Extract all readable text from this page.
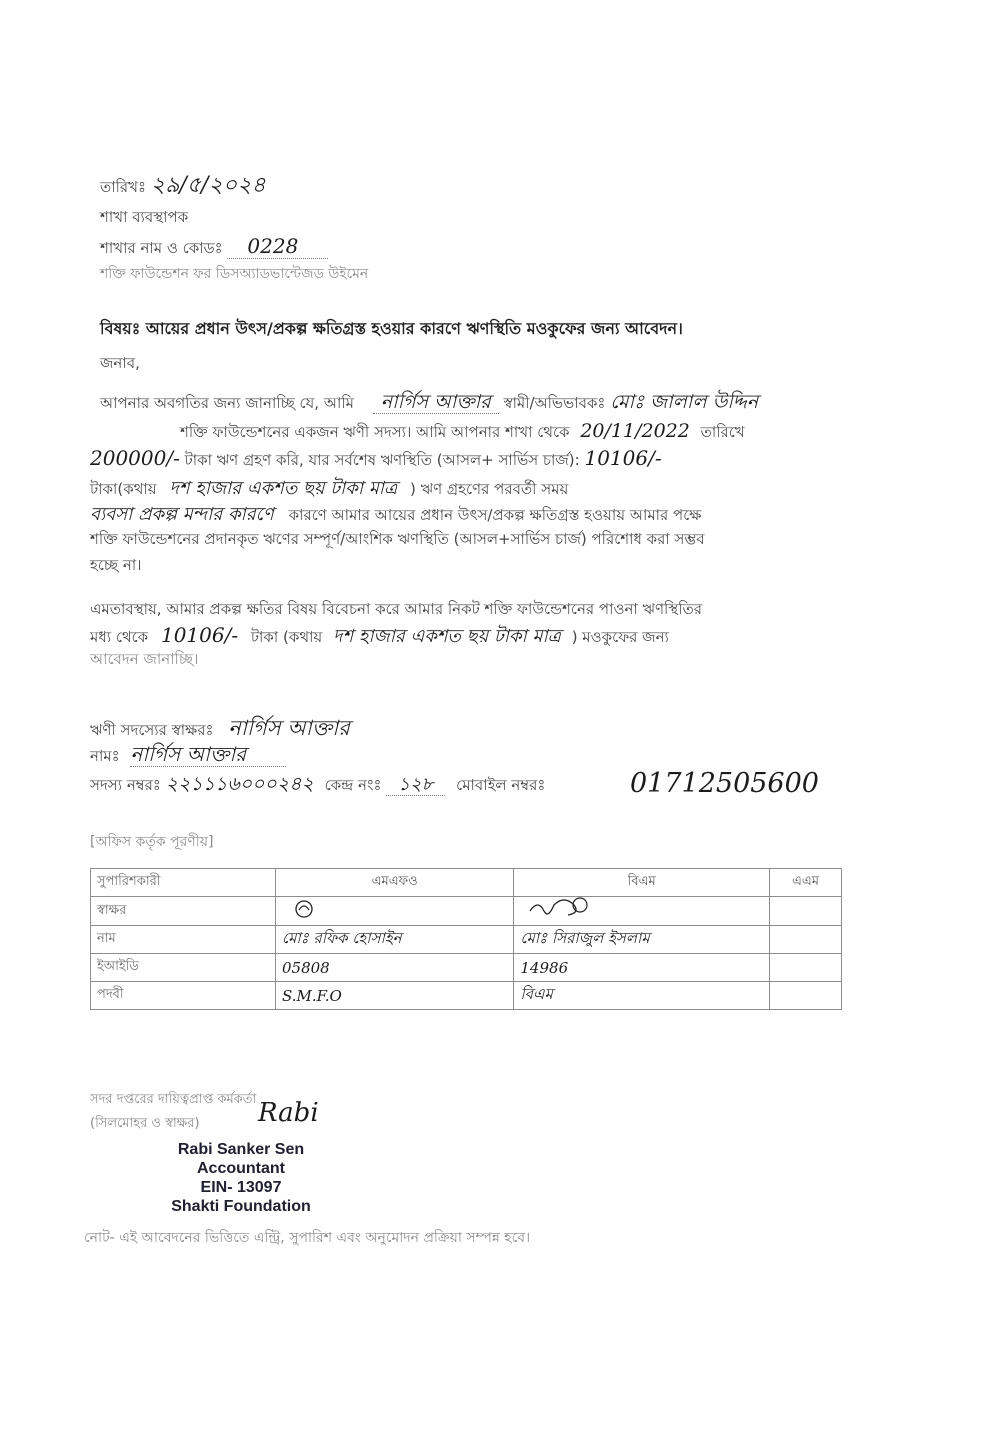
তারিখঃ ২৯/৫/২০২৪
শাখা ব্যবস্থাপক
শাখার নাম ও কোডঃ 0228
শক্তি ফাউন্ডেশন ফর ডিসঅ্যাডভান্টেজড উইমেন
বিষয়ঃ আয়ের প্রধান উৎস/প্রকল্প ক্ষতিগ্রস্ত হওয়ার কারণে ঋণস্থিতি মওকুফের জন্য আবেদন।
জনাব,
আপনার অবগতির জন্য জানাচ্ছি যে, আমি নার্গিস আক্তার স্বামী/অভিভাবকঃ মোঃ জালাল উদ্দিন
শক্তি ফাউন্ডেশনের একজন ঋণী সদস্য। আমি আপনার শাখা থেকে 20/11/2022 তারিখে
200000/- টাকা ঋণ গ্রহণ করি, যার সর্বশেষ ঋণস্থিতি (আসল+ সার্ভিস চার্জ): 10106/-
টাকা(কথায় দশ হাজার একশত ছয় টাকা মাত্র ) ঋণ গ্রহণের পরবর্তী সময়
ব্যবসা প্রকল্প মন্দার কারণে কারণে আমার আয়ের প্রধান উৎস/প্রকল্প ক্ষতিগ্রস্ত হওয়ায় আমার পক্ষে
শক্তি ফাউন্ডেশনের প্রদানকৃত ঋণের সম্পূর্ণ/আংশিক ঋণস্থিতি (আসল+সার্ভিস চার্জ) পরিশোধ করা সম্ভব
হচ্ছে না।
এমতাবস্থায়, আমার প্রকল্প ক্ষতির বিষয় বিবেচনা করে আমার নিকট শক্তি ফাউন্ডেশনের পাওনা ঋণস্থিতির
মধ্য থেকে 10106/- টাকা (কথায় দশ হাজার একশত ছয় টাকা মাত্র ) মওকুফের জন্য
আবেদন জানাচ্ছি।
ঋণী সদস্যের স্বাক্ষরঃ নার্গিস আক্তার
নামঃ নার্গিস আক্তার
সদস্য নম্বরঃ ২২১১১৬০০০২৪২ কেন্দ্র নংঃ ১২৮ মোবাইল নম্বরঃ	01712505600
[অফিস কর্তৃক পূরণীয়]
সুপারিশকারী	এমএফও	বিএম	এএম
স্বাক্ষর			
নাম	মোঃ রফিক হোসাইন	মোঃ সিরাজুল ইসলাম	
ইআইডি	05808	14986	
পদবী	S.M.F.O	বিএম	
সদর দপ্তরের দায়িত্বপ্রাপ্ত কর্মকর্তা
(সিলমোহর ও স্বাক্ষর) Rabi
Rabi Sanker Sen
Accountant
EIN- 13097
Shakti Foundation
নোট- এই আবেদনের ভিত্তিতে এন্ট্রি, সুপারিশ এবং অনুমোদন প্রক্রিয়া সম্পন্ন হবে।
